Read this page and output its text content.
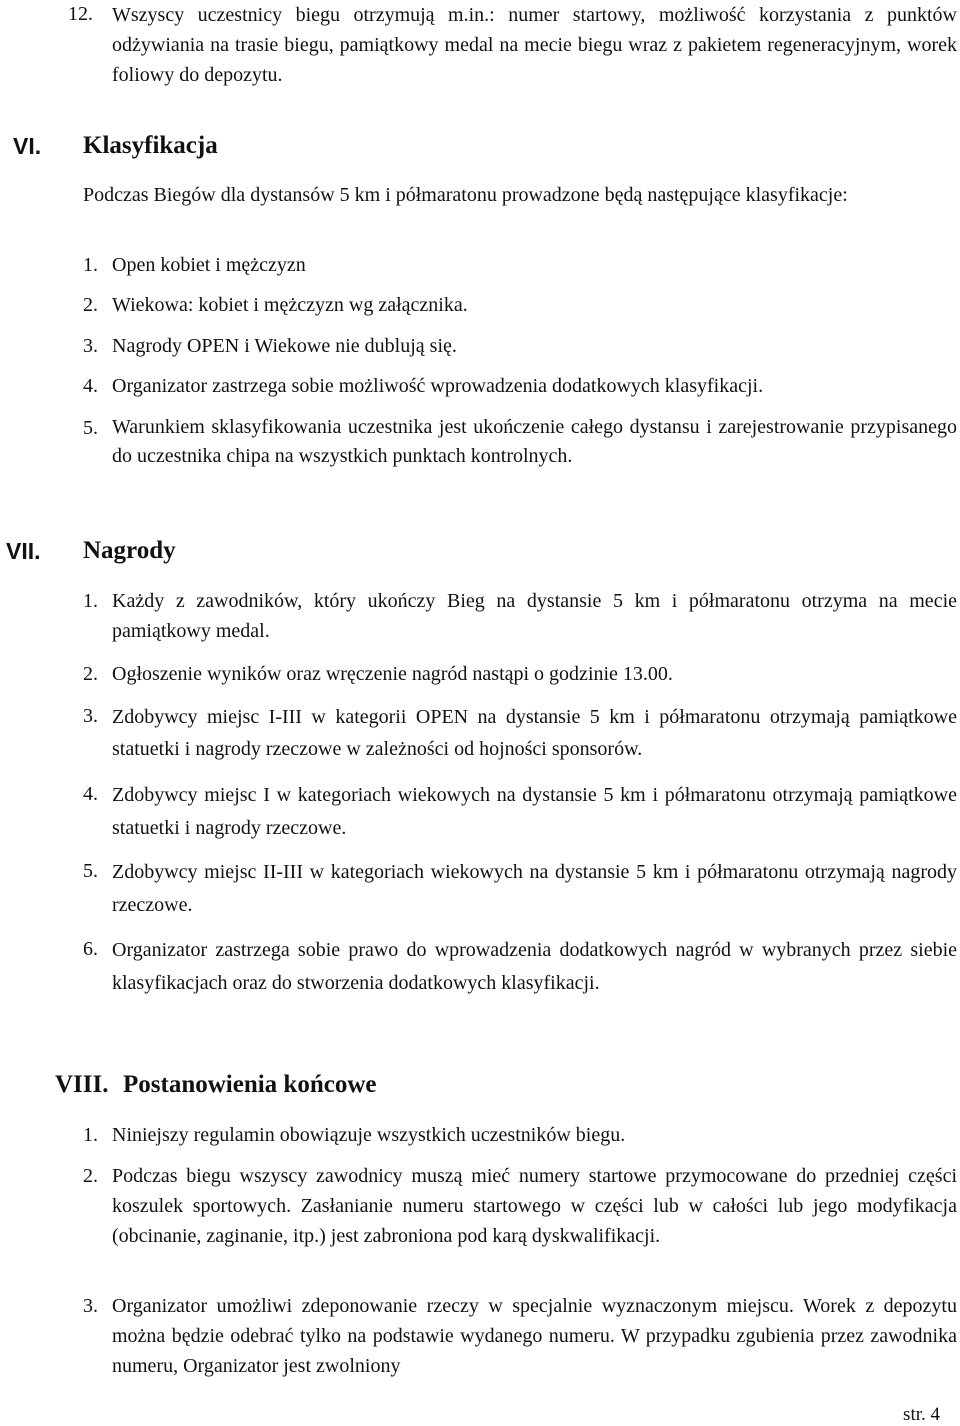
12. Wszyscy uczestnicy biegu otrzymują m.in.: numer startowy, możliwość korzystania z punktów odżywiania na trasie biegu, pamiątkowy medal na mecie biegu wraz z pakietem regeneracyjnym, worek foliowy do depozytu.
VI. Klasyfikacja
Podczas Biegów dla dystansów 5 km i półmaratonu prowadzone będą następujące klasyfikacje:
1. Open kobiet i mężczyzn
2. Wiekowa: kobiet i mężczyzn wg załącznika.
3. Nagrody OPEN i Wiekowe nie dublują się.
4. Organizator zastrzega sobie możliwość wprowadzenia dodatkowych klasyfikacji.
5. Warunkiem sklasyfikowania uczestnika jest ukończenie całego dystansu i zarejestrowanie przypisanego do uczestnika chipa na wszystkich punktach kontrolnych.
VII. Nagrody
1. Każdy z zawodników, który ukończy Bieg na dystansie 5 km i półmaratonu otrzyma na mecie pamiątkowy medal.
2. Ogłoszenie wyników oraz wręczenie nagród nastąpi o godzinie 13.00.
3. Zdobywcy miejsc I-III w kategorii OPEN na dystansie 5 km i półmaratonu otrzymają pamiątkowe statuetki i nagrody rzeczowe w zależności od hojności sponsorów.
4. Zdobywcy miejsc I w kategoriach wiekowych na dystansie 5 km i półmaratonu otrzymają pamiątkowe statuetki i nagrody rzeczowe.
5. Zdobywcy miejsc II-III w kategoriach wiekowych na dystansie 5 km i półmaratonu otrzymają nagrody rzeczowe.
6. Organizator zastrzega sobie prawo do wprowadzenia dodatkowych nagród w wybranych przez siebie klasyfikacjach oraz do stworzenia dodatkowych klasyfikacji.
VIII. Postanowienia końcowe
1. Niniejszy regulamin obowiązuje wszystkich uczestników biegu.
2. Podczas biegu wszyscy zawodnicy muszą mieć numery startowe przymocowane do przedniej części koszulek sportowych. Zasłanianie numeru startowego w części lub w całości lub jego modyfikacja (obcinanie, zaginanie, itp.) jest zabroniona pod karą dyskwalifikacji.
3. Organizator umożliwi zdeponowanie rzeczy w specjalnie wyznaczonym miejscu. Worek z depozytu można będzie odebrać tylko na podstawie wydanego numeru. W przypadku zgubienia przez zawodnika numeru, Organizator jest zwolniony
str. 4
